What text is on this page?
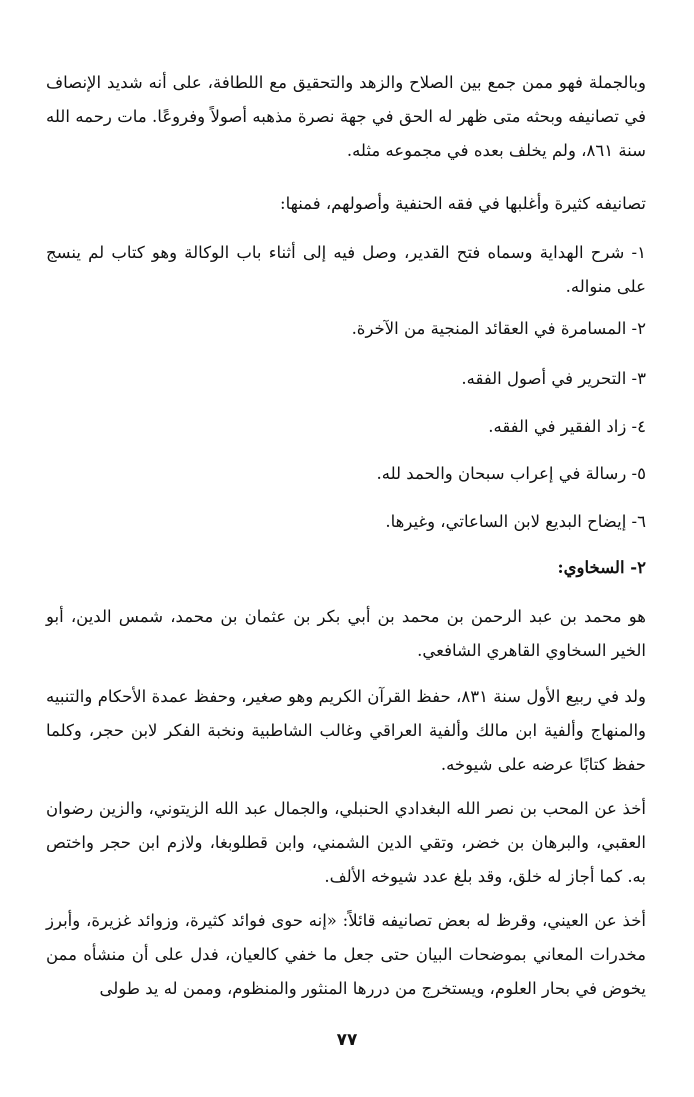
وبالجملة فهو ممن جمع بين الصلاح والزهد والتحقيق مع اللطافة، على أنه شديد الإنصاف في تصانيفه وبحثه متى ظهر له الحق في جهة نصرة مذهبه أصولاً وفروعًا. مات رحمه الله سنة ٨٦١، ولم يخلف بعده في مجموعه مثله.

تصانيفه كثيرة وأغلبها في فقه الحنفية وأصولهم، فمنها:

١- شرح الهداية وسماه فتح القدير، وصل فيه إلى أثناء باب الوكالة وهو كتاب لم ينسج على منواله.

٢- المسامرة في العقائد المنجية من الآخرة.
٣- التحرير في أصول الفقه.
٤- زاد الفقير في الفقه.
٥- رسالة في إعراب سبحان والحمد لله.
٦- إيضاح البديع لابن الساعاتي، وغيرها.
٢- السخاوي:

هو محمد بن عبد الرحمن بن محمد بن أبي بكر بن عثمان بن محمد، شمس الدين، أبو الخير السخاوي القاهري الشافعي.

ولد في ربيع الأول سنة ٨٣١، حفظ القرآن الكريم وهو صغير، وحفظ عمدة الأحكام والتنبيه والمنهاج وألفية ابن مالك وألفية العراقي وغالب الشاطبية ونخبة الفكر لابن حجر، وكلما حفظ كتابًا عرضه على شيوخه.

أخذ عن المحب بن نصر الله البغدادي الحنبلي، والجمال عبد الله الزيتوني، والزين رضوان العقبي، والبرهان بن خضر، وتقي الدين الشمني، وابن قطلوبغا، ولازم ابن حجر واختص به. كما أجاز له خلق، وقد بلغ عدد شيوخه الألف.

أخذ عن العيني، وقرظ له بعض تصانيفه قائلاً: «إنه حوى فوائد كثيرة، وزوائد غزيرة، وأبرز مخدرات المعاني بموضحات البيان حتى جعل ما خفي كالعيان، فدل على أن منشأه ممن يخوض في بحار العلوم، ويستخرج من دررها المنثور والمنظوم، وممن له يد طولى

٧٧
